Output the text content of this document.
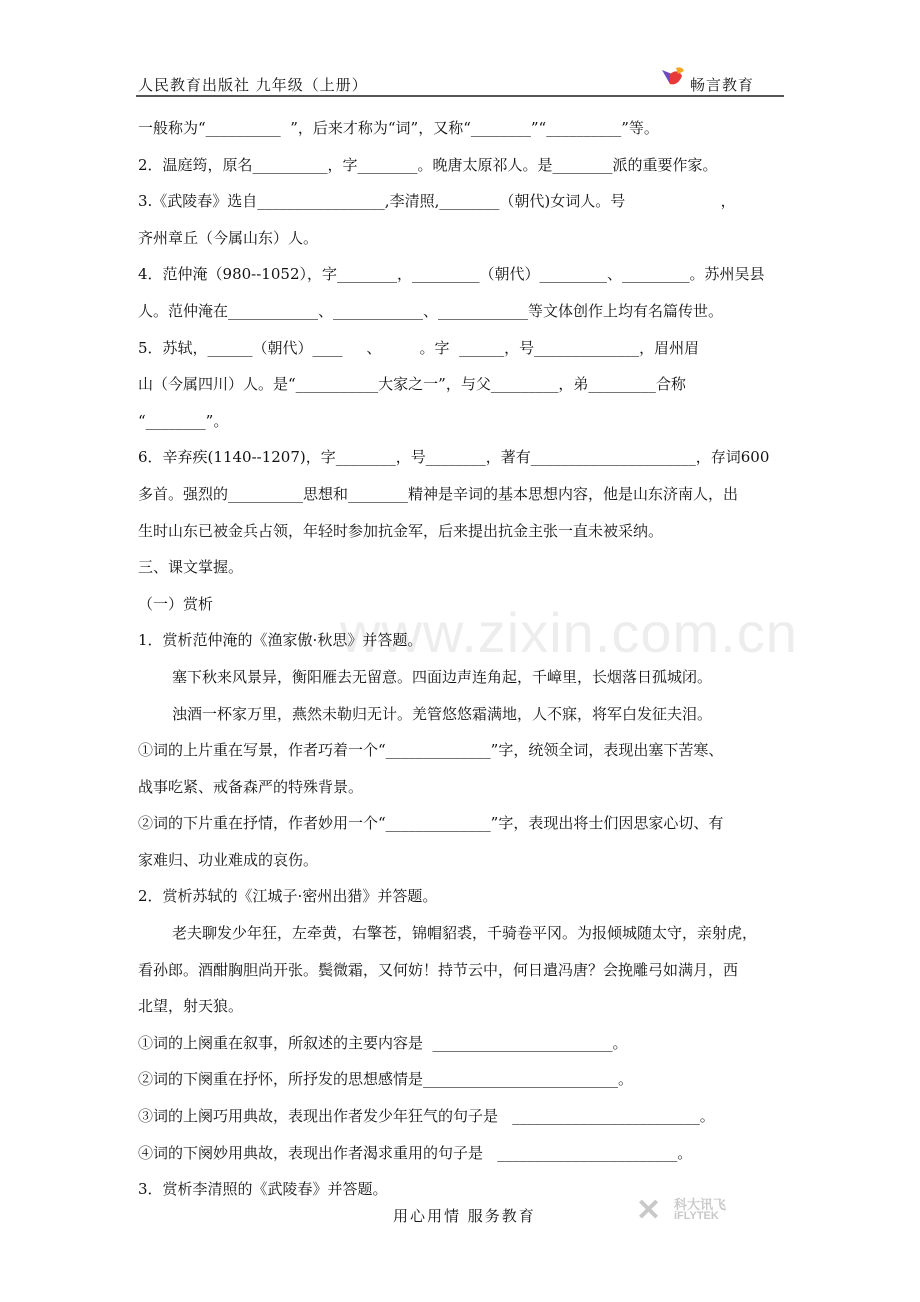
人民教育出版社 九年级（上册）	畅言教育
一般称为“__________  ”，后来才称为“词”，又称“________”“__________”等。
2．温庭筠，原名__________，字________。晚唐太原祁人。是________派的重要作家。
3.《武陵春》选自_________________,李清照,________（朝代)女词人。号                    ，
齐州章丘（今属山东）人。
4．范仲淹（980--1052），字________，_________（朝代）_________、_________。苏州吴县
人。范仲淹在____________、____________、____________等文体创作上均有名篇传世。
5．苏轼，______（朝代）____     、        。字  ______，号______________，眉州眉
山（今属四川）人。是“___________大家之一”，与父_________，弟_________合称
“________”。
6．辛弃疾(1140--1207)，字________，号________，著有______________________，存词600
多首。强烈的__________思想和________精神是辛词的基本思想内容，他是山东济南人，出
生时山东已被金兵占领，年轻时参加抗金军，后来提出抗金主张一直未被采纳。
三、课文掌握。
（一）赏析
1．赏析范仲淹的《渔家傲·秋思》并答题。
塞下秋来风景异，衡阳雁去无留意。四面边声连角起，千嶂里，长烟落日孤城闭。
浊酒一杯家万里，燕然未勒归无计。羌管悠悠霜满地，人不寐，将军白发征夫泪。
①词的上片重在写景，作者巧着一个“______________”字，统领全词，表现出塞下苦寒、
战事吃紧、戒备森严的特殊背景。
②词的下片重在抒情，作者妙用一个“______________”字，表现出将士们因思家心切、有
家难归、功业难成的哀伤。
2．赏析苏轼的《江城子·密州出猎》并答题。
老夫聊发少年狂，左牵黄，右擎苍，锦帽貂裘，千骑卷平冈。为报倾城随太守，亲射虎，
看孙郎。酒酣胸胆尚开张。鬓微霜，又何妨！持节云中，何日遣冯唐？会挽雕弓如满月，西
北望，射天狼。
①词的上阕重在叙事，所叙述的主要内容是  ________________________。
②词的下阕重在抒怀，所抒发的思想感情是__________________________。
③词的上阕巧用典故，表现出作者发少年狂气的句子是   _________________________。
④词的下阕妙用典故，表现出作者渴求重用的句子是   ________________________。
3．赏析李清照的《武陵春》并答题。
www.zixin.com.cn
用心用情 服务教育	✕ 科大讯飞
iFLYTEK
